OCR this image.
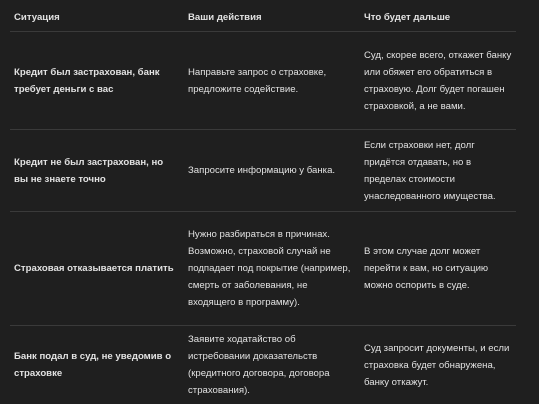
Ситуация	Ваши действия	Что будет дальше
Кредит был застрахован, банк требует деньги с вас
Направьте запрос о страховке, предложите содействие.
Суд, скорее всего, откажет банку или обяжет его обратиться в страховую. Долг будет погашен страховкой, а не вами.
Кредит не был застрахован, но вы не знаете точно
Запросите информацию у банка.
Если страховки нет, долг придётся отдавать, но в пределах стоимости унаследованного имущества.
Страховая отказывается платить
Нужно разбираться в причинах. Возможно, страховой случай не подпадает под покрытие (например, смерть от заболевания, не входящего в программу).
В этом случае долг может перейти к вам, но ситуацию можно оспорить в суде.
Банк подал в суд, не уведомив о страховке
Заявите ходатайство об истребовании доказательств (кредитного договора, договора страхования).
Суд запросит документы, и если страховка будет обнаружена, банку откажут.
